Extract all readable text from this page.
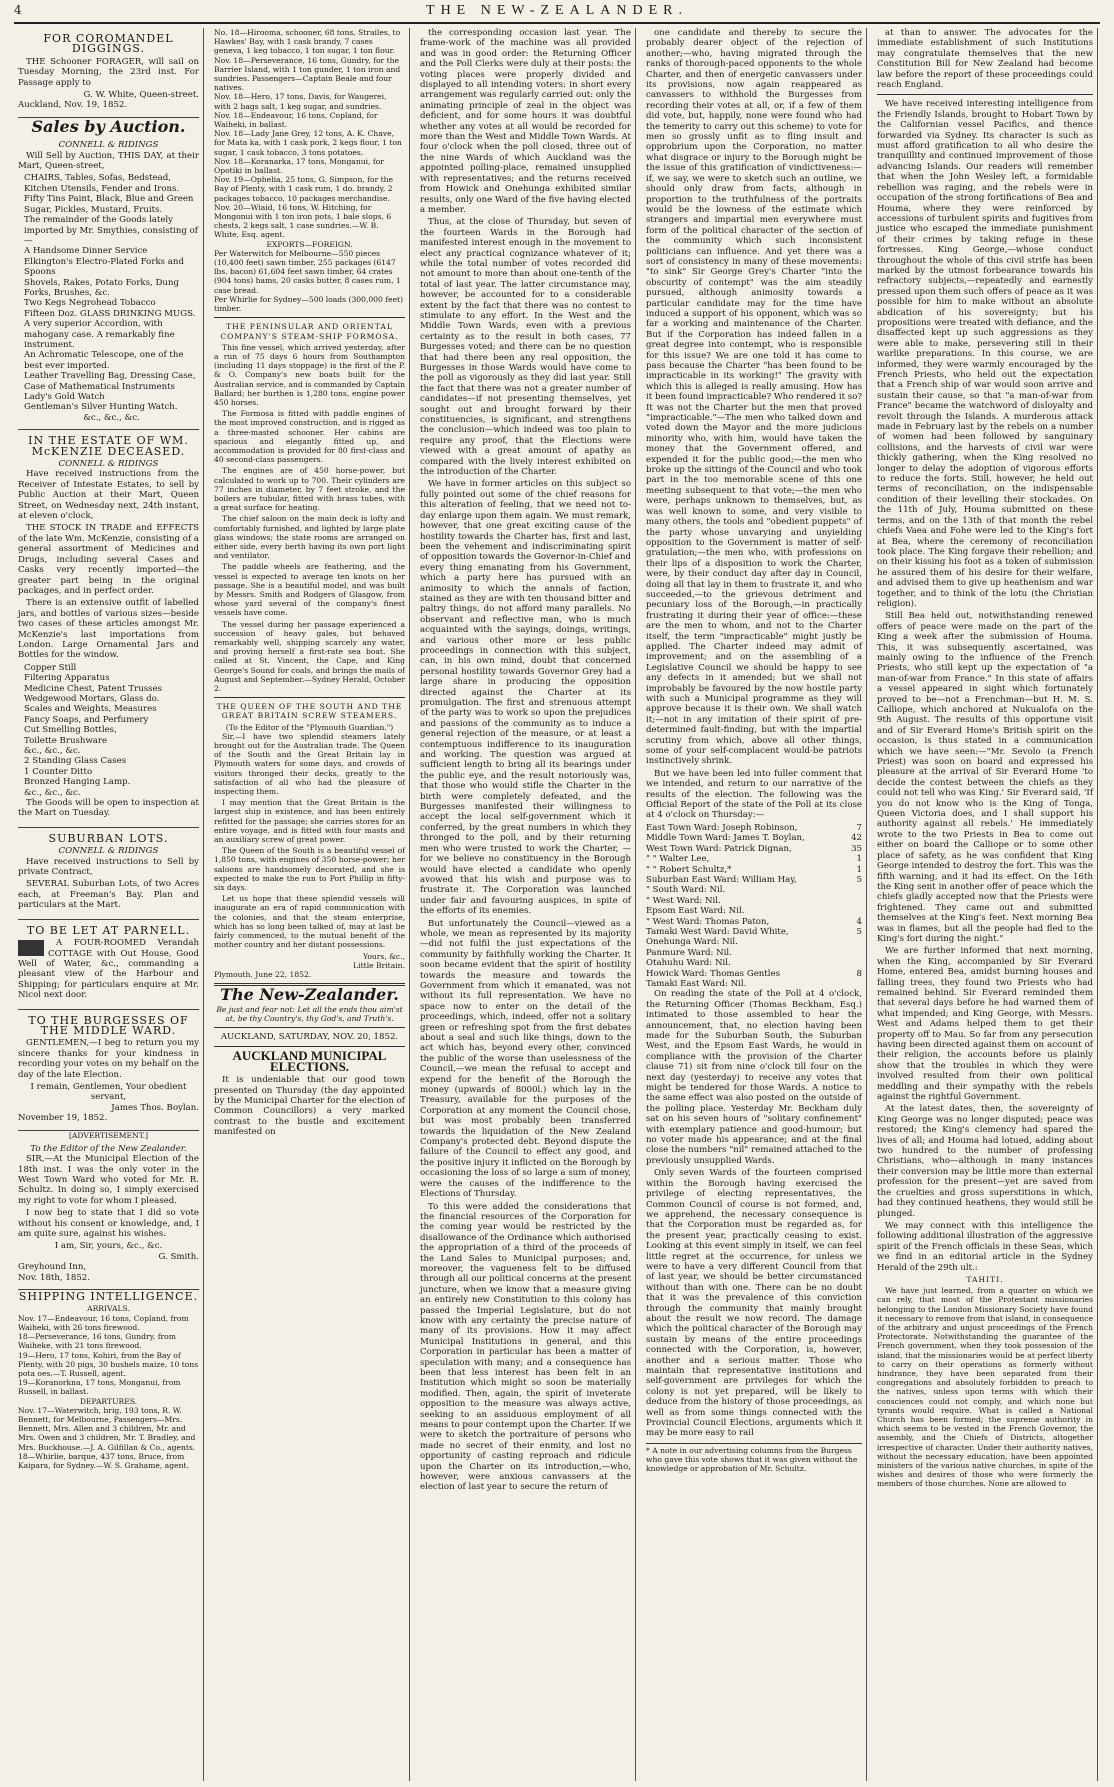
4	THE NEW-ZEALANDER.
FOR COROMANDEL DIGGINGS.

THE Schooner FORAGER, will sail on Tuesday Morning, the 23rd inst. For Passage apply to

G. W. White, Queen-street.
Auckland, Nov. 19, 1852.
Sales by Auction.
CONNELL & RIDINGS

Will Sell by Auction, THIS DAY, at their Mart, Queen-street,

CHAIRS, Tables, Sofas, Bedstead, Kitchen Utensils, Fender and Irons.
Fifty Tins Paint, Black, Blue and Green
Sugar, Pickles, Mustard, Fruits.
The remainder of the Goods lately imported by Mr. Smythies, consisting of—
A Handsome Dinner Service
Elkington's Electro-Plated Forks and Spoons
Shovels, Rakes, Potato Forks, Dung Forks, Brushes, &c.
Two Kegs Negrohead Tobacco
Fifteen Doz. GLASS DRINKING MUGS.
A very superior Accordion, with mahogany case. A remarkably fine instrument.
An Achromatic Telescope, one of the best ever imported.
Leather Travelling Bag, Dressing Case, Case of Mathematical Instruments
Lady's Gold Watch
Gentleman's Silver Hunting Watch.
&c., &c., &c.
IN THE ESTATE OF WM. McKENZIE DECEASED.
CONNELL & RIDINGS

Have received instructions from the Receiver of Intestate Estates, to sell by Public Auction at their Mart, Queen Street, on Wednesday next, 24th instant, at eleven o'clock,

THE STOCK IN TRADE and EFFECTS of the late Wm. McKenzie, consisting of a general assortment of Medicines and Drugs, including several Cases and Casks very recently imported—the greater part being in the original packages, and in perfect order.

There is an extensive outfit of labelled jars, and bottles of various sizes—beside two cases of these articles amongst Mr. McKenzie's last importations from London. Large Ornamental Jars and Bottles for the window.

Copper Still
Filtering Apparatus
Medicine Chest, Patent Trusses
Wedgewood Mortars, Glass do.
Scales and Weights, Measures
Fancy Soaps, and Perfumery
Cut Smelling Bottles,
Toilette Brushware
&c., &c., &c.
2 Standing Glass Cases
1 Counter Ditto
Bronzed Hanging Lamp.
&c., &c., &c.

The Goods will be open to inspection at the Mart on Tuesday.

SUBURBAN LOTS.
CONNELL & RIDINGS

Have received instructions to Sell by private Contract,

SEVERAL Suburban Lots, of two Acres each, at Freeman's Bay. Plan and particulars at the Mart.

TO BE LET AT PARNELL.

A FOUR-ROOMED Verandah COTTAGE with Out House, Good Well of Water, &c., commanding a pleasant view of the Harbour and Shipping; for particulars enquire at Mr. Nicol next door.

TO THE BURGESSES OF THE MIDDLE WARD.

GENTLEMEN,—I beg to return you my sincere thanks for your kindness in recording your votes on my behalf on the day of the late Election.

I remain, Gentlemen, Your obedient servant,
James Thos. Boylan.
November 19, 1852.
[ADVERTISEMENT.]
To the Editor of the New Zealander.

SIR,—At the Municipal Election of the 18th inst. I was the only voter in the West Town Ward who voted for Mr. R. Schultz. In doing so, I simply exercised my right to vote for whom I pleased.

I now beg to state that I did so vote without his consent or knowledge, and, I am quite sure, against his wishes.

I am, Sir, yours, &c., &c.
G. Smith.
Greyhound Inn,
Nov. 18th, 1852.
SHIPPING INTELLIGENCE.
ARRIVALS.
Nov. 17—Endeavour, 16 tons, Copland, from Waiheki, with 26 tons firewood.
18—Perseverance, 16 tons, Gundry, from Waiheke, with 21 tons firewood.
19—Hero, 17 tons, Kohiri, from the Bay of Plenty, with 20 pigs, 30 bushels maize, 10 tons pota oes.—T. Russell, agent.
19—Koranorkna, 17 tons, Monganui, from Russell, in ballast.
DEPARTURES.
Nov. 17—Waterwitch, brig, 193 tons, R. W. Bennett, for Melbourne, Passengers—Mrs. Bennett, Mrs. Allen and 3 children, Mr. and Mrs. Owen and 3 children, Mr. T. Bradley, and Mrs. Buckhouse.—J. A. Gilfillan & Co., agents.
18—Whirlie, barque, 437 tons, Bruce, from Kaipara, for Sydney.—W. S. Grahame, agent.
No. 18—Hirooma, schooner, 68 tons, Strailes, to Hawkes' Bay, with 1 cask brandy, 7 cases geneva, 1 keg tobacco, 1 ton sugar, 1 ton flour.
Nov. 18—Perseverance, 16 tons, Gundry, for the Barrier Island, with 1 ton gunder, 1 ton iron and sundries. Passengers—Captain Beale and four natives.
Nov. 18—Hero, 17 tons, Davis, for Waugerei, with 2 bags salt, 1 keg sugar, and sundries.
Nov. 18—Endeavour, 16 tons, Copland, for Waiheki, in ballast.
Nov. 18—Lady Jane Grey, 12 tons, A. K. Chave, for Mata ka, with 1 cask pork, 2 kegs flour, 1 ton sugar, 1 cask tobacco, 3 tons potatoes.
Nov. 18—Koranarka, 17 tons, Monganui, for Opotiki in ballast.
Nov. 19—Ophelia, 25 tons, G. Simpson, for the Bay of Plenty, with 1 cask rum, 1 do. brandy, 2 packages tobacco, 10 packages merchandise.
Nov. 20—Wiaid, 16 tons, W. Hitching, for Mongonui with 1 ton iron pots, 1 bale slops, 6 chests, 2 kegs salt, 1 case sundries.—W. B. White, Esq. agent.
EXPORTS—FOREIGN.
Per Waterwitch for Melbourne—550 pieces (10,400 feet) sawn timber, 255 packages (6147 lbs. bacon) 61,604 feet sawn timber, 64 crates (904 tons) hams, 20 casks butter, 8 cases rum, 1 case bread.
Per Whirlie for Sydney—500 loads (300,000 feet) timber.
THE PENINSULAR AND ORIENTAL COMPANY'S STEAM-SHIP FORMOSA.

This fine vessel, which arrived yesterday, after a run of 75 days 6 hours from Southampton (including 11 days stoppage) is the first of the P. & O. Company's new boats built for the Australian service, and is commanded by Captain Ballard; her burthen is 1,280 tons, engine power 450 horses.

The Formosa is fitted with paddle engines of the most improved construction, and is rigged as a three-masted schooner. Her cabins are spacious and elegantly fitted up, and accommodation is provided for 80 first-class and 40 second-class passengers.

The engines are of 450 horse-power, but calculated to work up to 700. Their cylinders are 77 inches in diameter, by 7 feet stroke, and the boilers are tubular, fitted with brass tubes, with a great surface for heating.

The chief saloon on the main deck is lofty and comfortably furnished, and lighted by large plate glass windows; the state rooms are arranged on either side, every berth having its own port light and ventilator.

The paddle wheels are feathering, and the vessel is expected to average ten knots on her passage. She is a beautiful model, and was built by Messrs. Smith and Rodgers of Glasgow, from whose yard several of the company's finest vessels have come.

The vessel during her passage experienced a succession of heavy gales, but behaved remarkably well, shipping scarcely any water, and proving herself a first-rate sea boat. She called at St. Vincent, the Cape, and King George's Sound for coals, and brings the mails of August and September.—Sydney Herald, October 2.

THE QUEEN OF THE SOUTH AND THE GREAT BRITAIN SCREW STEAMERS.
(To the Editor of the "Plymouth Guardian.")

Sir,—I have two splendid steamers lately brought out for the Australian trade. The Queen of the South and the Great Britain lay in Plymouth waters for some days, and crowds of visitors thronged their decks, greatly to the satisfaction of all who had the pleasure of inspecting them.

I may mention that the Great Britain is the largest ship in existence, and has been entirely refitted for the passage; she carries stores for an entire voyage, and is fitted with four masts and an auxiliary screw of great power.

The Queen of the South is a beautiful vessel of 1,850 tons, with engines of 350 horse-power; her saloons are handsomely decorated, and she is expected to make the run to Port Phillip in fifty-six days.

Let us hope that these splendid vessels will inaugurate an era of rapid communication with the colonies, and that the steam enterprise, which has so long been talked of, may at last be fairly commenced, to the mutual benefit of the mother country and her distant possessions.

Yours, &c.,
Little Britain.
Plymouth, June 22, 1852.
The New-Zealander.
Be just and fear not: Let all the ends thou aim'st at, be thy Country's, thy God's, and Truth's.
AUCKLAND, SATURDAY, NOV. 20, 1852.
AUCKLAND MUNICIPAL ELECTIONS.

It is undeniable that our good town presented on Thursday (the day appointed by the Municipal Charter for the election of Common Councillors) a very marked contrast to the bustle and excitement manifested on

the corresponding occasion last year. The frame-work of the machine was all provided and was in good order: the Returning Officer and the Poll Clerks were duly at their posts: the voting places were properly divided and displayed to all intending voters: in short every arrangement was regularly carried out: only the animating principle of zeal in the object was deficient, and for some hours it was doubtful whether any votes at all would be recorded for more than the West and Middle Town Wards. At four o'clock when the poll closed, three out of the nine Wards of which Auckland was the appointed polling-place, remained unsupplied with representatives; and the returns received from Howick and Onehunga exhibited similar results, only one Ward of the five having elected a member.

Thus, at the close of Thursday, but seven of the fourteen Wards in the Borough had manifested interest enough in the movement to elect any practical cognizance whatever of it; while the total number of votes recorded did not amount to more than about one-tenth of the total of last year. The latter circumstance may, however, be accounted for to a considerable extent by the fact that there was no contest to stimulate to any effort. In the West and the Middle Town Wards, even with a previous certainty as to the result in both cases, 77 Burgesses voted; and there can be no question that had there been any real opposition, the Burgesses in those Wards would have come to the poll as vigorously as they did last year. Still the fact that there was not a greater number of candidates—if not presenting themselves, yet sought out and brought forward by their constituencies, is significant, and strengthens the conclusion—which indeed was too plain to require any proof, that the Elections were viewed with a great amount of apathy as compared with the lively interest exhibited on the introduction of the Charter.

We have in former articles on this subject so fully pointed out some of the chief reasons for this alteration of feeling, that we need not to-day enlarge upon them again. We must remark, however, that one great exciting cause of the hostility towards the Charter has, first and last, been the vehement and indiscriminating spirit of opposition towards the Governor-in-Chief and every thing emanating from his Government, which a party here has pursued with an animosity to which the annals of faction, stained as they are with ten thousand bitter and paltry things, do not afford many parallels. No observant and reflective man, who is much acquainted with the sayings, doings, writings, and various other more or less public proceedings in connection with this subject, can, in his own mind, doubt that concerned personal hostility towards Governor Grey had a large share in producing the opposition directed against the Charter at its promulgation. The first and strenuous attempt of the party was to work so upon the prejudices and passions of the community as to induce a general rejection of the measure, or at least a contemptuous indifference to its inauguration and working. The question was argued at sufficient length to bring all its bearings under the public eye, and the result notoriously was, that those who would stifle the Charter in the birth were completely defeated, and the Burgesses manifested their willingness to accept the local self-government which it conferred, by the great numbers in which they thronged to the poll, and by their returning men who were trusted to work the Charter, —for we believe no constituency in the Borough would have elected a candidate who openly avowed that his wish and purpose was to frustrate it. The Corporation was launched under fair and favouring auspices, in spite of the efforts of its enemies.

But unfortunately the Council—viewed as a whole, we mean as represented by its majority —did not fulfil the just expectations of the community by faithfully working the Charter. It soon became evident that the spirit of hostility towards the measure and towards the Government from which it emanated, was not without its full representation. We have no space now to enter on the detail of the proceedings, which, indeed, offer not a solitary green or refreshing spot from the first debates about a seal and such like things, down to the act which has, beyond every other, convinced the public of the worse than uselessness of the Council,—we mean the refusal to accept and expend for the benefit of the Borough the money (upwards of 8000l.) which lay in the Treasury, available for the purposes of the Corporation at any moment the Council chose, but was most probably been transferred towards the liquidation of the New Zealand Company's protected debt. Beyond dispute the failure of the Council to effect any good, and the positive injury it inflicted on the Borough by occasioning the loss of so large a sum of money, were the causes of the indifference to the Elections of Thursday.

To this were added the considerations that the financial resources of the Corporation for the coming year would be restricted by the disallowance of the Ordinance which authorised the appropriation of a third of the proceeds of the Land Sales to Municipal purposes; and, moreover, the vagueness felt to be diffused through all our political concerns at the present juncture, when we know that a measure giving an entirely new Constitution to this colony has passed the Imperial Legislature, but do not know with any certainty the precise nature of many of its provisions. How it may affect Municipal Institutions in general, and this Corporation in particular has been a matter of speculation with many; and a consequence has been that less interest has been felt in an Institution which might so soon be materially modified. Then, again, the spirit of inveterate opposition to the measure was always active, seeking to an assiduous employment of all means to pour contempt upon the Charter. If we were to sketch the portraiture of persons who made no secret of their enmity, and lost no opportunity of casting reproach and ridicule upon the Charter on its introduction,—who, however, were anxious canvassers at the election of last year to secure the return of

one candidate and thereby to secure the probably dearer object of the rejection of another;—who, having migrated through the ranks of thorough-paced opponents to the whole Charter, and then of energetic canvassers under its provisions, now again reappeared as canvassers to withhold the Burgesses from recording their votes at all, or, if a few of them did vote, but, happily, none were found who had the temerity to carry out this scheme) to vote for men so grossly unfit as to fling insult and opprobrium upon the Corporation, no matter what disgrace or injury to the Borough might be the issue of this gratification of vindictiveness:—if, we say, we were to sketch such an outline, we should only draw from facts, although in proportion to the truthfulness of the portraits would be the lowness of the estimate which strangers and impartial men everywhere must form of the political character of the section of the community which such inconsistent politicians can influence. And yet there was a sort of consistency in many of these movements: "to sink" Sir George Grey's Charter "into the obscurity of contempt" was the aim steadily pursued, although animosity towards a particular candidate may for the time have induced a support of his opponent, which was so far a working and maintenance of the Charter. But if the Corporation has indeed fallen in a great degree into contempt, who is responsible for this issue? We are one told it has come to pass because the Charter "has been found to be impracticable in its working!" The gravity with which this is alleged is really amusing. How has it been found impracticable? Who rendered it so? It was not the Charter but the men that proved "impracticable."—The men who talked down and voted down the Mayor and the more judicious minority who, with him, would have taken the money that the Government offered, and expended it for the public good;—the men who broke up the sittings of the Council and who took part in the too memorable scene of this one meeting subsequent to that vote;—the men who were, perhaps unknown to themselves, but, as was well known to some, and very visible to many others, the tools and "obedient puppets" of the party whose unvarying and unyielding opposition to the Government is matter of self-gratulation;—the men who, with professions on their lips of a disposition to work the Charter, were, by their conduct day after day in Council, doing all that lay in them to frustrate it, and who succeeded,—to the grievous detriment and pecuniary loss of the Borough,—in practically frustrating it during their year of office:—these are the men to whom, and not to the Charter itself, the term "impracticable" might justly be applied. The Charter indeed may admit of improvement; and on the assembling of a Legislative Council we should be happy to see any defects in it amended; but we shall not improbably be favoured by the now hostile party with such a Municipal programme as they will approve because it is their own. We shall watch it;—not in any imitation of their spirit of pre-determined fault-finding, but with the impartial scrutiny from which, above all other things, some of your self-complacent would-be patriots instinctively shrink.

But we have been led into fuller comment that we intended, and return to our narrative of the results of the election. The following was the Official Report of the state of the Poll at its close at 4 o'clock on Thursday:—

East Town Ward: Joseph Robinson,	7
Middle Town Ward: James T. Boylan,	42
West Town Ward: Patrick Dignan,	35
" " Walter Lee,	1
" " Robert Schultz,*	1
Suburban East Ward: William Hay,	5
" South Ward: Nil.
" West Ward: Nil.
Epsom East Ward: Nil.
" West Ward: Thomas Paton,	4
Tamaki West Ward: David White,	5
Onehunga Ward: Nil.
Panmure Ward: Nil.
Otahuhu Ward: Nil.
Howick Ward: Thomas Gentles	8
Tamaki East Ward: Nil.

On reading the state of the Poll at 4 o'clock, the Returning Officer (Thomas Beckham, Esq.) intimated to those assembled to hear the announcement, that, no election having been made for the Suburban South, the Suburban West, and the Epsom East Wards, he would in compliance with the provision of the Charter clause 71) sit from nine o'clock till four on the next day (yesterday) to receive any votes that might be tendered for those Wards. A notice to the same effect was also posted on the outside of the polling place. Yesterday Mr. Beckham duly sat on his seven hours of "solitary confinement" with exemplary patience and good-humour; but no voter made his appearance; and at the final close the numbers "nil" remained attached to the previously unsupplied Wards.

Only seven Wards of the fourteen comprised within the Borough having exercised the privilege of electing representatives, the Common Council of course is not formed, and, we apprehend, the necessary consequence is that the Corporation must be regarded as, for the present year, practically ceasing to exist. Looking at this event simply in itself, we can feel little regret at the occurrence, for unless we were to have a very different Council from that of last year, we should be better circumstanced without than with one. There can be no doubt that it was the prevalence of this conviction through the community that mainly brought about the result we now record. The damage which the political character of the Borough may sustain by means of the entire proceedings connected with the Corporation, is, however, another and a serious matter. Those who maintain that representative institutions and self-government are privileges for which the colony is not yet prepared, will be likely to deduce from the history of those proceedings, as well as from some things connected with the Provincial Council Elections, arguments which it may be more easy to rail

* A note in our advertising columns from the Burgess who gave this vote shows that it was given without the knowledge or approbation of Mr. Schultz.

at than to answer. The advocates for the immediate establishment of such Institutions may congratulate themselves that the new Constitution Bill for New Zealand had become law before the report of these proceedings could reach England.

We have received interesting intelligence from the Friendly Islands, brought to Hobart Town by the Californian vessel Pacifics, and thence forwarded via Sydney. Its character is such as must afford gratification to all who desire the tranquillity and continued improvement of those advancing Islands. Our readers will remember that when the John Wesley left, a formidable rebellion was raging, and the rebels were in occupation of the strong fortifications of Bea and Houma, where they were reinforced by accessions of turbulent spirits and fugitives from justice who escaped the immediate punishment of their crimes by taking refuge in these fortresses. King George,—whose conduct throughout the whole of this civil strife has been marked by the utmost forbearance towards his refractory subjects,—repeatedly and earnestly pressed upon them such offers of peace as it was possible for him to make without an absolute abdication of his sovereignty; but his propositions were treated with defiance, and the disaffected kept up such aggressions as they were able to make, persevering still in their warlike preparations. In this course, we are informed, they were warmly encouraged by the French Priests, who held out the expectation that a French ship of war would soon arrive and sustain their cause, so that "a man-of-war from France" became the watchword of disloyalty and revolt through the Islands. A murderous attack made in February last by the rebels on a number of women had been followed by sanguinary collisions, and the harvests of civil war were thickly gathering, when the King resolved no longer to delay the adoption of vigorous efforts to reduce the forts. Still, however, he held out terms of reconciliation, on the indispensable condition of their levelling their stockades. On the 11th of July, Houma submitted on these terms, and on the 13th of that month the rebel chiefs Vaea and Fohe were led to the King's fort at Bea, where the ceremony of reconciliation took place. The King forgave their rebellion; and on their kissing his foot as a token of submission he assured them of his desire for their welfare, and advised them to give up heathenism and war together, and to think of the lotu (the Christian religion).

Still Bea held out, notwithstanding renewed offers of peace were made on the part of the King a week after the submission of Houma. This, it was subsequently ascertained, was mainly owing to the influence of the French Priests, who still kept up the expectation of "a man-of-war from France." In this state of affairs a vessel appeared in sight which fortunately proved to be—not a Frenchman—but H. M. S. Calliope, which anchored at Nukualofa on the 9th August. The results of this opportune visit and of Sir Everard Home's British spirit on the occasion, is thus stated in a communication which we have seen:—"Mr. Sevolo (a French Priest) was soon on board and expressed his pleasure at the arrival of Sir Everard Home 'to decide the contest between the chiefs as they could not tell who was King.' Sir Everard said, 'If you do not know who is the King of Tonga, Queen Victoria does, and I shall support his authority against all rebels.' He immediately wrote to the two Priests in Bea to come out either on board the Calliope or to some other place of safety, as he was confident that King George intended to destroy the fort. This was the fifth warning, and it had its effect. On the 16th the King sent in another offer of peace which the chiefs gladly accepted now that the Priests were frightened. They came out and submitted themselves at the King's feet. Next morning Bea was in flames, but all the people had fled to the King's fort during the night."

We are further informed that next morning, when the King, accompanied by Sir Everard Home, entered Bea, amidst burning houses and falling trees, they found two Priests who had remained behind. Sir Everard reminded them that several days before he had warned them of what impended; and King George, with Messrs. West and Adams helped them to get their property off to Mau. So far from any persecution having been directed against them on account of their religion, the accounts before us plainly show that the troubles in which they were involved resulted from their own political meddling and their sympathy with the rebels against the rightful Government.

At the latest dates, then, the sovereignty of King George was no longer disputed; peace was restored; the King's clemency had spared the lives of all; and Houma had lotued, adding about two hundred to the number of professing Christians, who—although in many instances their conversion may be little more than external profession for the present—yet are saved from the cruelties and gross superstitions in which, had they continued heathens, they would still be plunged.

We may connect with this intelligence the following additional illustration of the aggressive spirit of the French officials in these Seas, which we find in an editorial article in the Sydney Herald of the 29th ult.:

TAHITI.

We have just learned, from a quarter on which we can rely, that most of the Protestant missionaries belonging to the London Missionary Society have found it necessary to remove from that island, in consequence of the arbitrary and unjust proceedings of the French Protectorate. Notwithstanding the guarantee of the French government, when they took possession of the island, that the missionaries would be at perfect liberty to carry on their operations as formerly without hindrance, they have been separated from their congregations and absolutely forbidden to preach to the natives, unless upon terms with which their consciences could not comply, and which none but tyrants would require. What is called a National Church has been formed; the supreme authority in which seems to be vested in the French Governor, the assembly, and the Chiefs of Districts, altogether irrespective of character. Under their authority natives, without the necessary education, have been appointed ministers of the various native churches, in spite of the wishes and desires of those who were formerly the members of those churches. None are allowed to
